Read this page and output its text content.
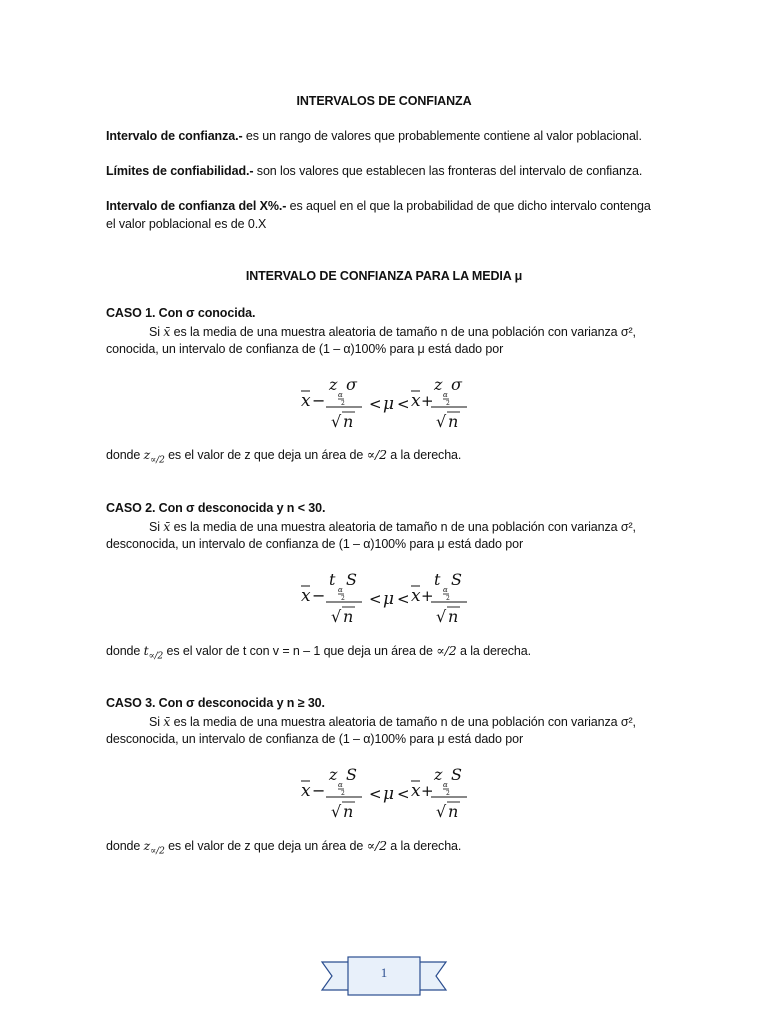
INTERVALOS DE CONFIANZA
Intervalo de confianza.- es un rango de valores que probablemente contiene al valor poblacional.
Límites de confiabilidad.- son los valores que establecen las fronteras del intervalo de confianza.
Intervalo de confianza del X%.- es aquel en el que la probabilidad de que dicho intervalo contenga
el valor poblacional es de 0.X
INTERVALO DE CONFIANZA PARA LA MEDIA μ
CASO 1. Con σ conocida.
Si x̄ es la media de una muestra aleatoria de tamaño n de una población con varianza σ²,
conocida, un intervalo de confianza de (1 – α)100% para μ está dado por
x −
z
α
2
σ
√ n
< μ < x +
z
α
2
σ
√ n
donde $z_{\propto/2}$ es el valor de z que deja un área de ∝/2 a la derecha.
CASO 2. Con σ desconocida y n < 30.
Si x̄ es la media de una muestra aleatoria de tamaño n de una población con varianza σ²,
desconocida, un intervalo de confianza de (1 – α)100% para μ está dado por
x −
t
α
2
S
√ n
< μ < x +
t
α
2
S
√ n
donde $t_{\propto/2}$ es el valor de t con v = n – 1 que deja un área de ∝/2 a la derecha.
CASO 3. Con σ desconocida y n ≥ 30.
Si x̄ es la media de una muestra aleatoria de tamaño n de una población con varianza σ²,
desconocida, un intervalo de confianza de (1 – α)100% para μ está dado por
x −
z
α
2
S
√ n
< μ < x +
z
α
2
S
√ n
donde $z_{\propto/2}$ es el valor de z que deja un área de ∝/2 a la derecha.
1
